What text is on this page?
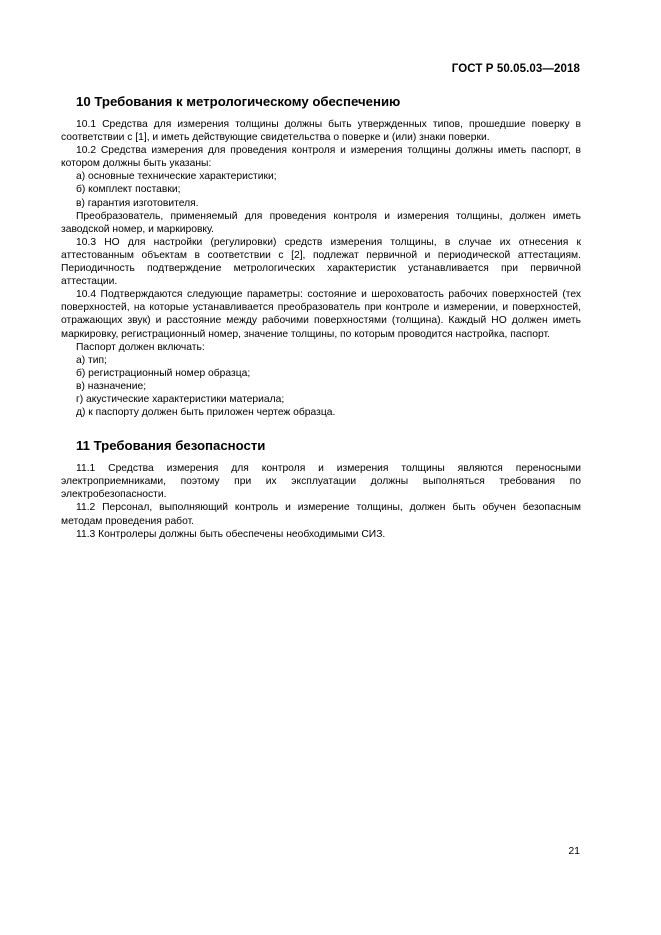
ГОСТ Р 50.05.03—2018
10 Требования к метрологическому обеспечению

10.1 Средства для измерения толщины должны быть утвержденных типов, прошедшие поверку в соответствии с [1], и иметь действующие свидетельства о поверке и (или) знаки поверки.

10.2 Средства измерения для проведения контроля и измерения толщины должны иметь паспорт, в котором должны быть указаны:

а) основные технические характеристики;

б) комплект поставки;

в) гарантия изготовителя.

Преобразователь, применяемый для проведения контроля и измерения толщины, должен иметь заводской номер, и маркировку.

10.3 НО для настройки (регулировки) средств измерения толщины, в случае их отнесения к аттестованным объектам в соответствии с [2], подлежат первичной и периодической аттестациям. Периодичность подтверждение метрологических характеристик устанавливается при первичной аттестации.

10.4 Подтверждаются следующие параметры: состояние и шероховатость рабочих поверхностей (тех поверхностей, на которые устанавливается преобразователь при контроле и измерении, и поверхностей, отражающих звук) и расстояние между рабочими поверхностями (толщина). Каждый НО должен иметь маркировку, регистрационный номер, значение толщины, по которым проводится настройка, паспорт.

Паспорт должен включать:

а) тип;

б) регистрационный номер образца;

в) назначение;

г) акустические характеристики материала;

д) к паспорту должен быть приложен чертеж образца.

11 Требования безопасности

11.1 Средства измерения для контроля и измерения толщины являются переносными электроприемниками, поэтому при их эксплуатации должны выполняться требования по электробезопасности.

11.2 Персонал, выполняющий контроль и измерение толщины, должен быть обучен безопасным методам проведения работ.

11.3 Контролеры должны быть обеспечены необходимыми СИЗ.

21
